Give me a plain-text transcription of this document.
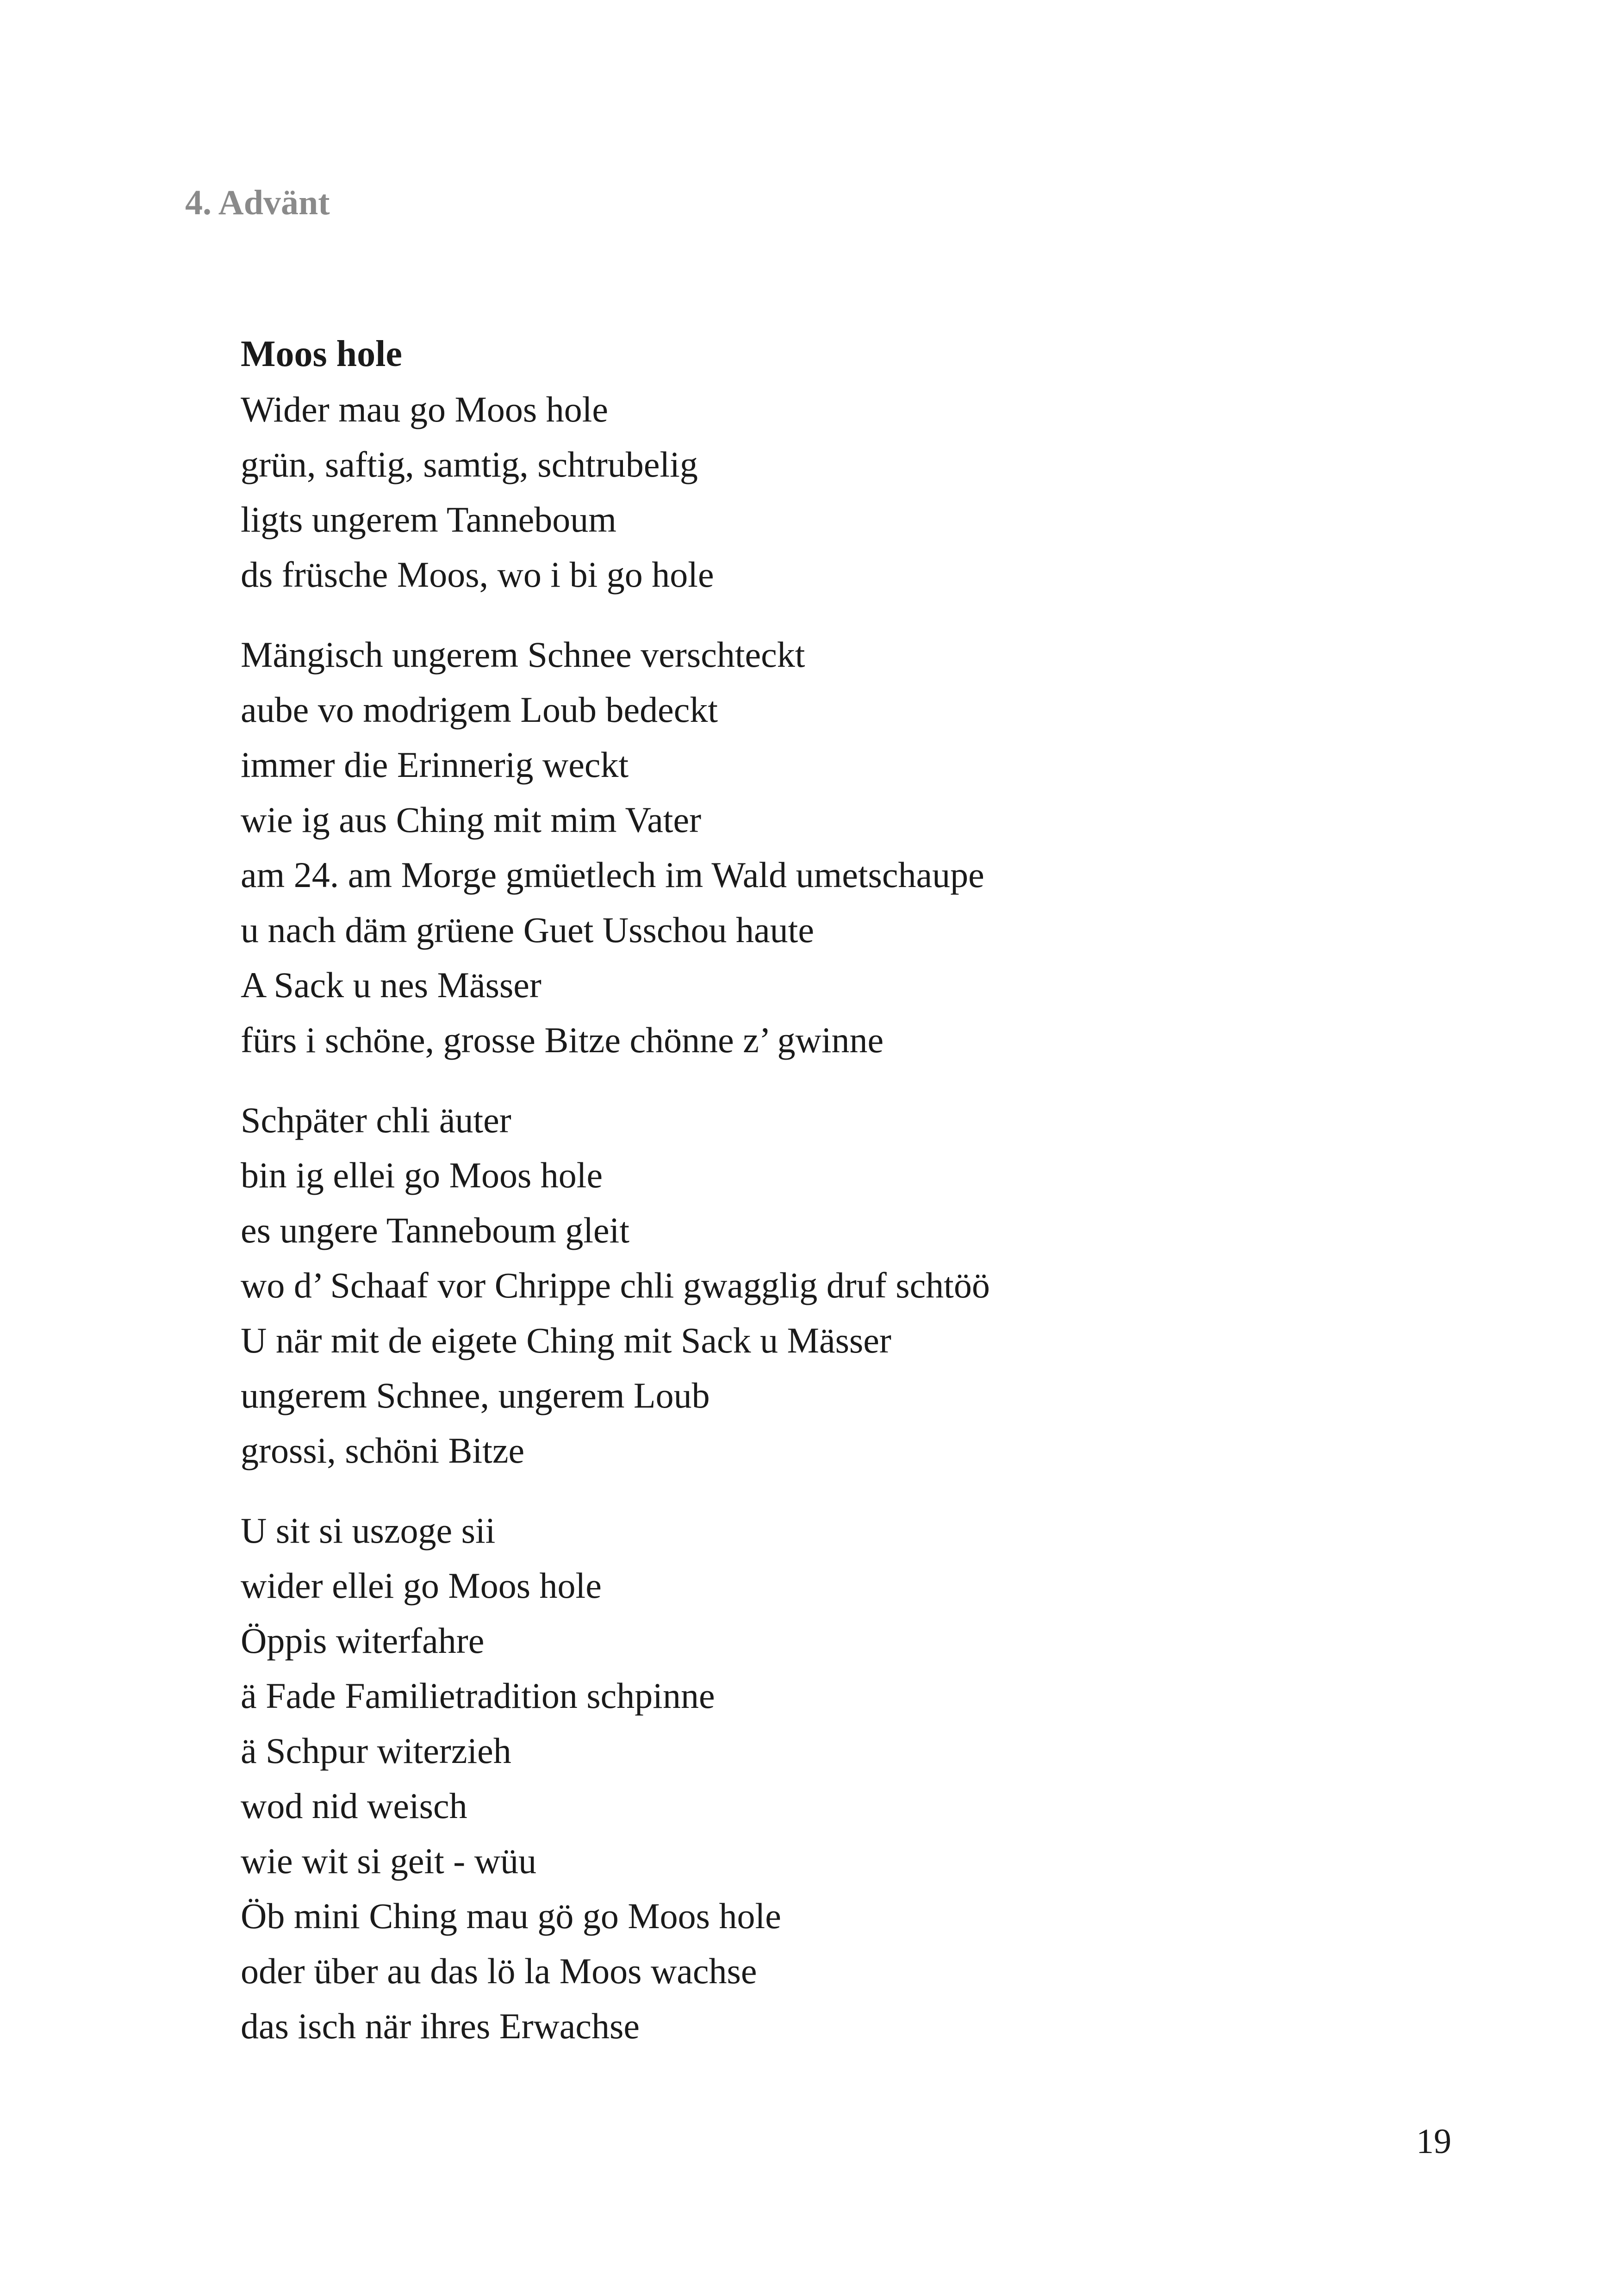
4. Advänt
Moos hole
Wider mau go Moos hole
grün, saftig, samtig, schtrubelig
ligts ungerem Tanneboum
ds früsche Moos, wo i bi go hole
Mängisch ungerem Schnee verschteckt
aube vo modrigem Loub bedeckt
immer die Erinnerig weckt
wie ig aus Ching mit mim Vater
am 24. am Morge gmüetlech im Wald umetschaupe
u nach däm grüene Guet Usschou haute
A Sack u nes Mässer
fürs i schöne, grosse Bitze chönne z’ gwinne
Schpäter chli äuter
bin ig ellei go Moos hole
es ungere Tanneboum gleit
wo d’ Schaaf vor Chrippe chli gwagglig druf schtöö
U när mit de eigete Ching mit Sack u Mässer
ungerem Schnee, ungerem Loub
grossi, schöni Bitze
U sit si uszoge sii
wider ellei go Moos hole
Öppis witerfahre
ä Fade Familietradition schpinne
ä Schpur witerzieh
wod nid weisch
wie wit si geit - wüu
Öb mini Ching mau gö go Moos hole
oder über au das lö la Moos wachse
das isch när ihres Erwachse
19
